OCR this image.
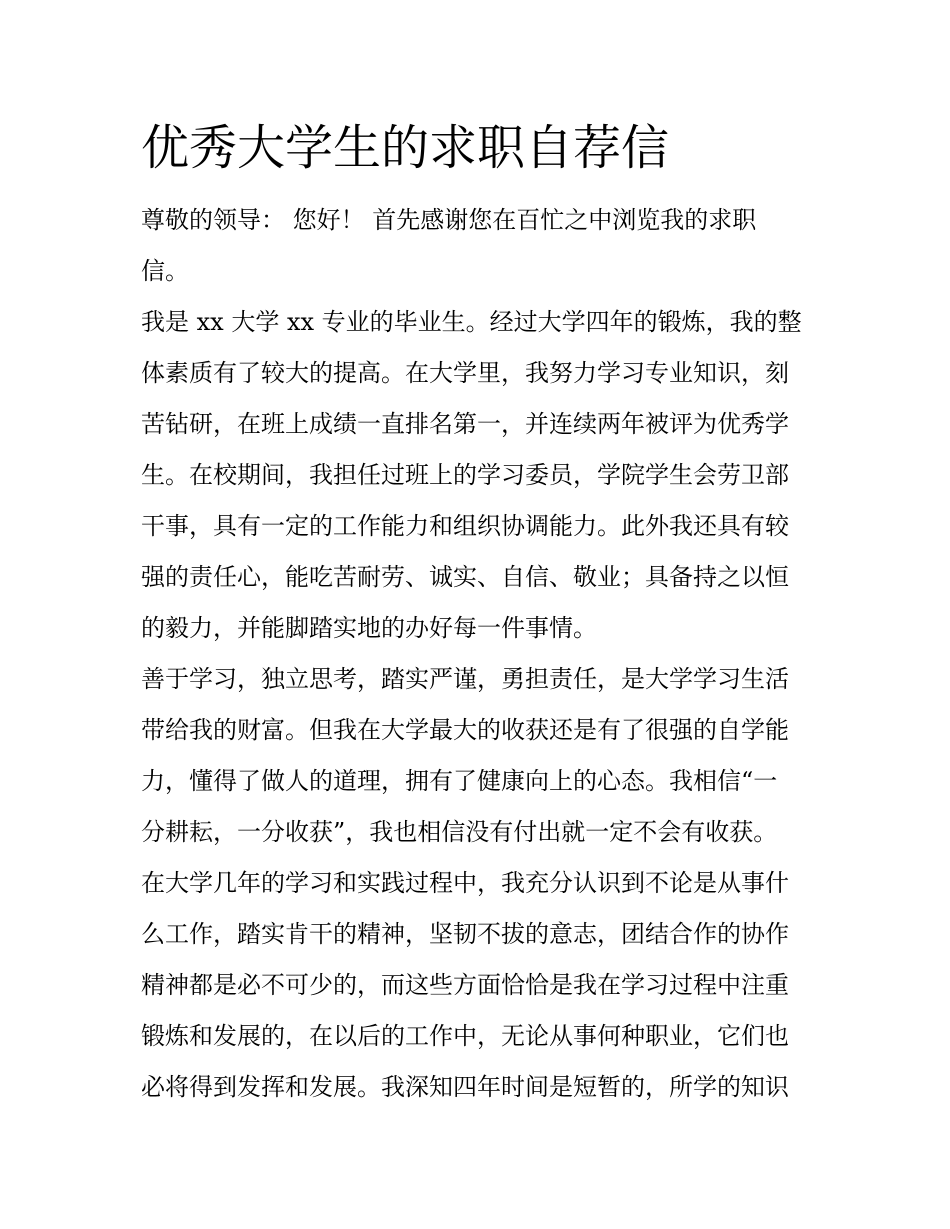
优秀大学生的求职自荐信
尊敬的领导： 您好！ 首先感谢您在百忙之中浏览我的求职
信。
我是 xx 大学 xx 专业的毕业生。经过大学四年的锻炼，我的整
体素质有了较大的提高。在大学里，我努力学习专业知识，刻
苦钻研，在班上成绩一直排名第一，并连续两年被评为优秀学
生。在校期间，我担任过班上的学习委员，学院学生会劳卫部
干事，具有一定的工作能力和组织协调能力。此外我还具有较
强的责任心，能吃苦耐劳、诚实、自信、敬业；具备持之以恒
的毅力，并能脚踏实地的办好每一件事情。
善于学习，独立思考，踏实严谨，勇担责任，是大学学习生活
带给我的财富。但我在大学最大的收获还是有了很强的自学能
力，懂得了做人的道理，拥有了健康向上的心态。我相信“一
分耕耘，一分收获”，我也相信没有付出就一定不会有收获。
在大学几年的学习和实践过程中，我充分认识到不论是从事什
么工作，踏实肯干的精神，坚韧不拔的意志，团结合作的协作
精神都是必不可少的，而这些方面恰恰是我在学习过程中注重
锻炼和发展的，在以后的工作中，无论从事何种职业，它们也
必将得到发挥和发展。我深知四年时间是短暂的，所学的知识
